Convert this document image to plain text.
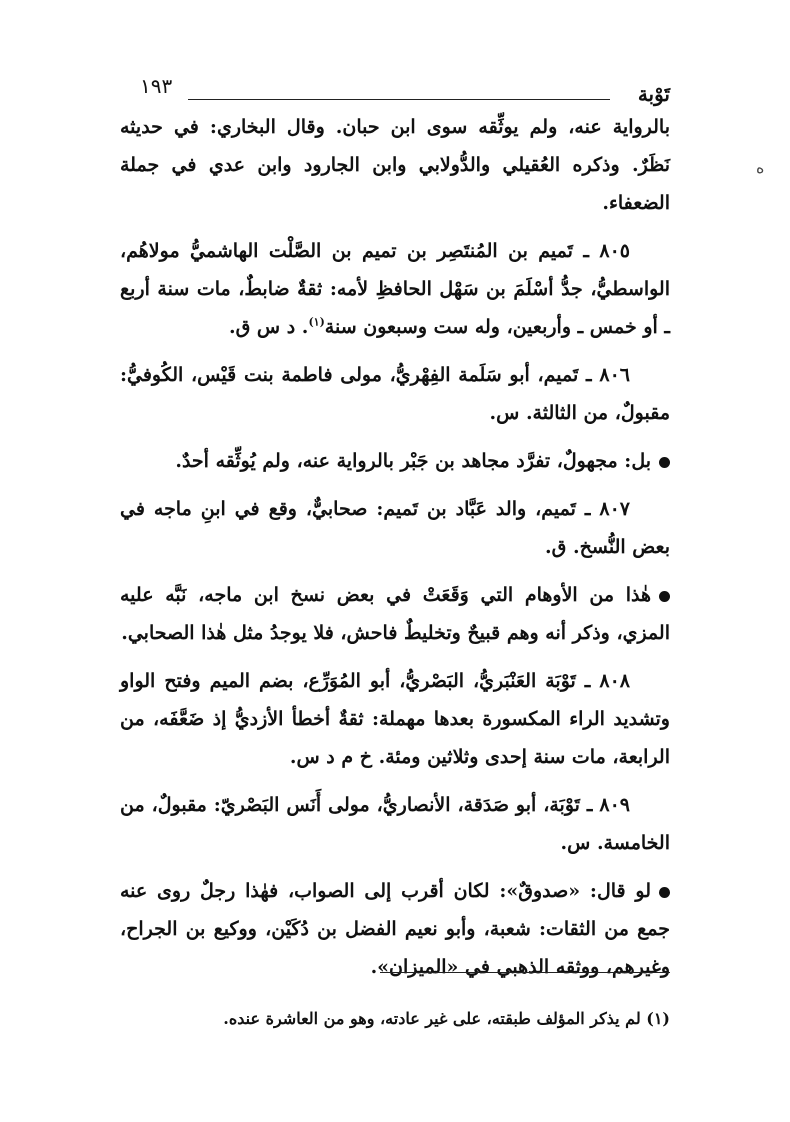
تَوْبة
١٩٣
ه

بالرواية عنه، ولم يوثِّقه سوى ابن حبان. وقال البخاري: في حديثه نَظَرٌ. وذكره العُقيلي والدُّولابي وابن الجارود وابن عدي في جملة الضعفاء.

٨٠٥ ـ تَميم بن المُنتَصِر بن تميم بن الصَّلْت الهاشميُّ مولاهُم، الواسطيُّ، جدُّ أسْلَمَ بن سَهْل الحافظِ لأمه: ثقةٌ ضابطٌ، مات سنة أربع ـ أو خمس ـ وأربعين، وله ست وسبعون سنة$^{(١)}$. د س ق.

٨٠٦ ـ تَميم، أبو سَلَمة الفِهْريُّ، مولى فاطمة بنت قَيْس، الكُوفيُّ: مقبولٌ، من الثالثة. س.

بل: مجهولٌ، تفرَّد مجاهد بن جَبْر بالرواية عنه، ولم يُوثِّقه أحدٌ.

٨٠٧ ـ تَميم، والد عَبَّاد بن تَميم: صحابيٌّ، وقع في ابنِ ماجه في بعض النُّسخ. ق.

هٰذا من الأوهام التي وَقَعَتْ في بعض نسخ ابن ماجه، نَبَّه عليه المزي، وذكر أنه وهم قبيحٌ وتخليطٌ فاحش، فلا يوجدُ مثل هٰذا الصحابي.

٨٠٨ ـ تَوْبَة العَنْبَريُّ، البَصْريُّ، أبو المُوَرِّع، بضم الميم وفتح الواو وتشديد الراء المكسورة بعدها مهملة: ثقةٌ أخطأ الأزديُّ إذ ضَعَّفَه، من الرابعة، مات سنة إحدى وثلاثين ومئة. خ م د س.

٨٠٩ ـ تَوْبَة، أبو صَدَقة، الأنصاريُّ، مولى أَنَس البَصْريّ: مقبولٌ، من الخامسة. س.

لو قال: «صدوقٌ»: لكان أقرب إلى الصواب، فهٰذا رجلٌ روى عنه جمع من الثقات: شعبة، وأبو نعيم الفضل بن دُكَيْن، ووكيع بن الجراح، وغيرهم، ووثقه الذهبي في «الميزان».

(١) لم يذكر المؤلف طبقته، على غير عادته، وهو من العاشرة عنده.
